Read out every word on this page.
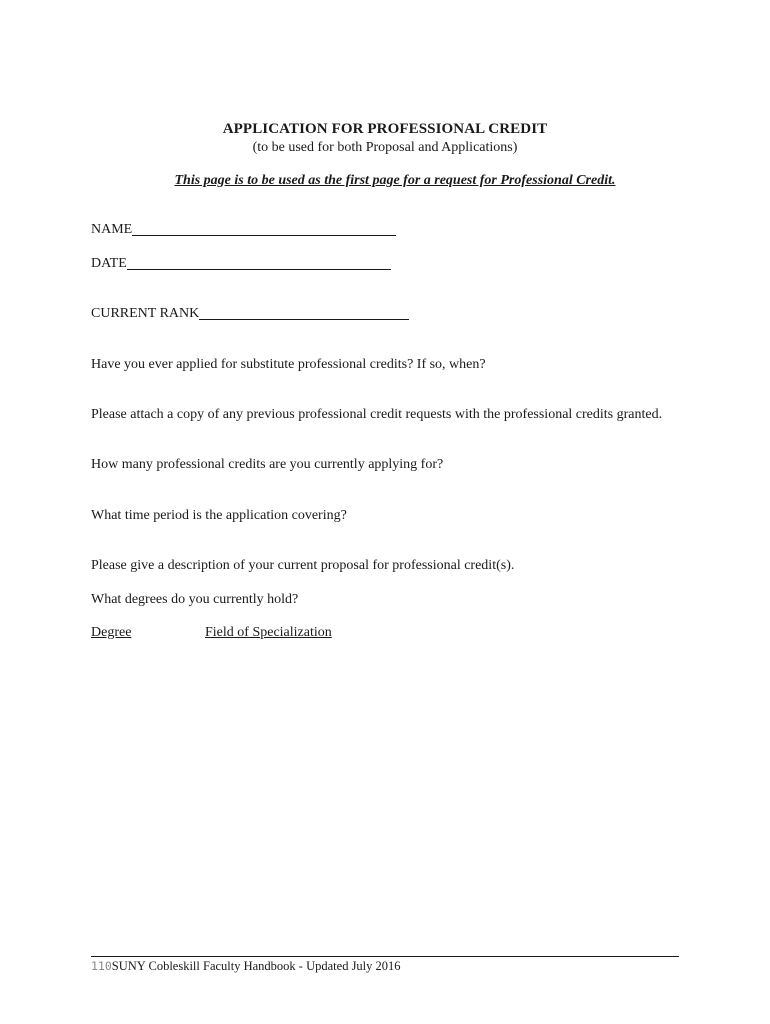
APPLICATION FOR PROFESSIONAL CREDIT
(to be used for both Proposal and Applications)
This page is to be used as the first page for a request for Professional Credit.
NAME
DATE
CURRENT RANK
Have you ever applied for substitute professional credits? If so, when?
Please attach a copy of any previous professional credit requests with the professional credits granted.
How many professional credits are you currently applying for?
What time period is the application covering?
Please give a description of your current proposal for professional credit(s).
What degrees do you currently hold?
Degree	Field of Specialization
110SUNY Cobleskill Faculty Handbook - Updated July 2016
